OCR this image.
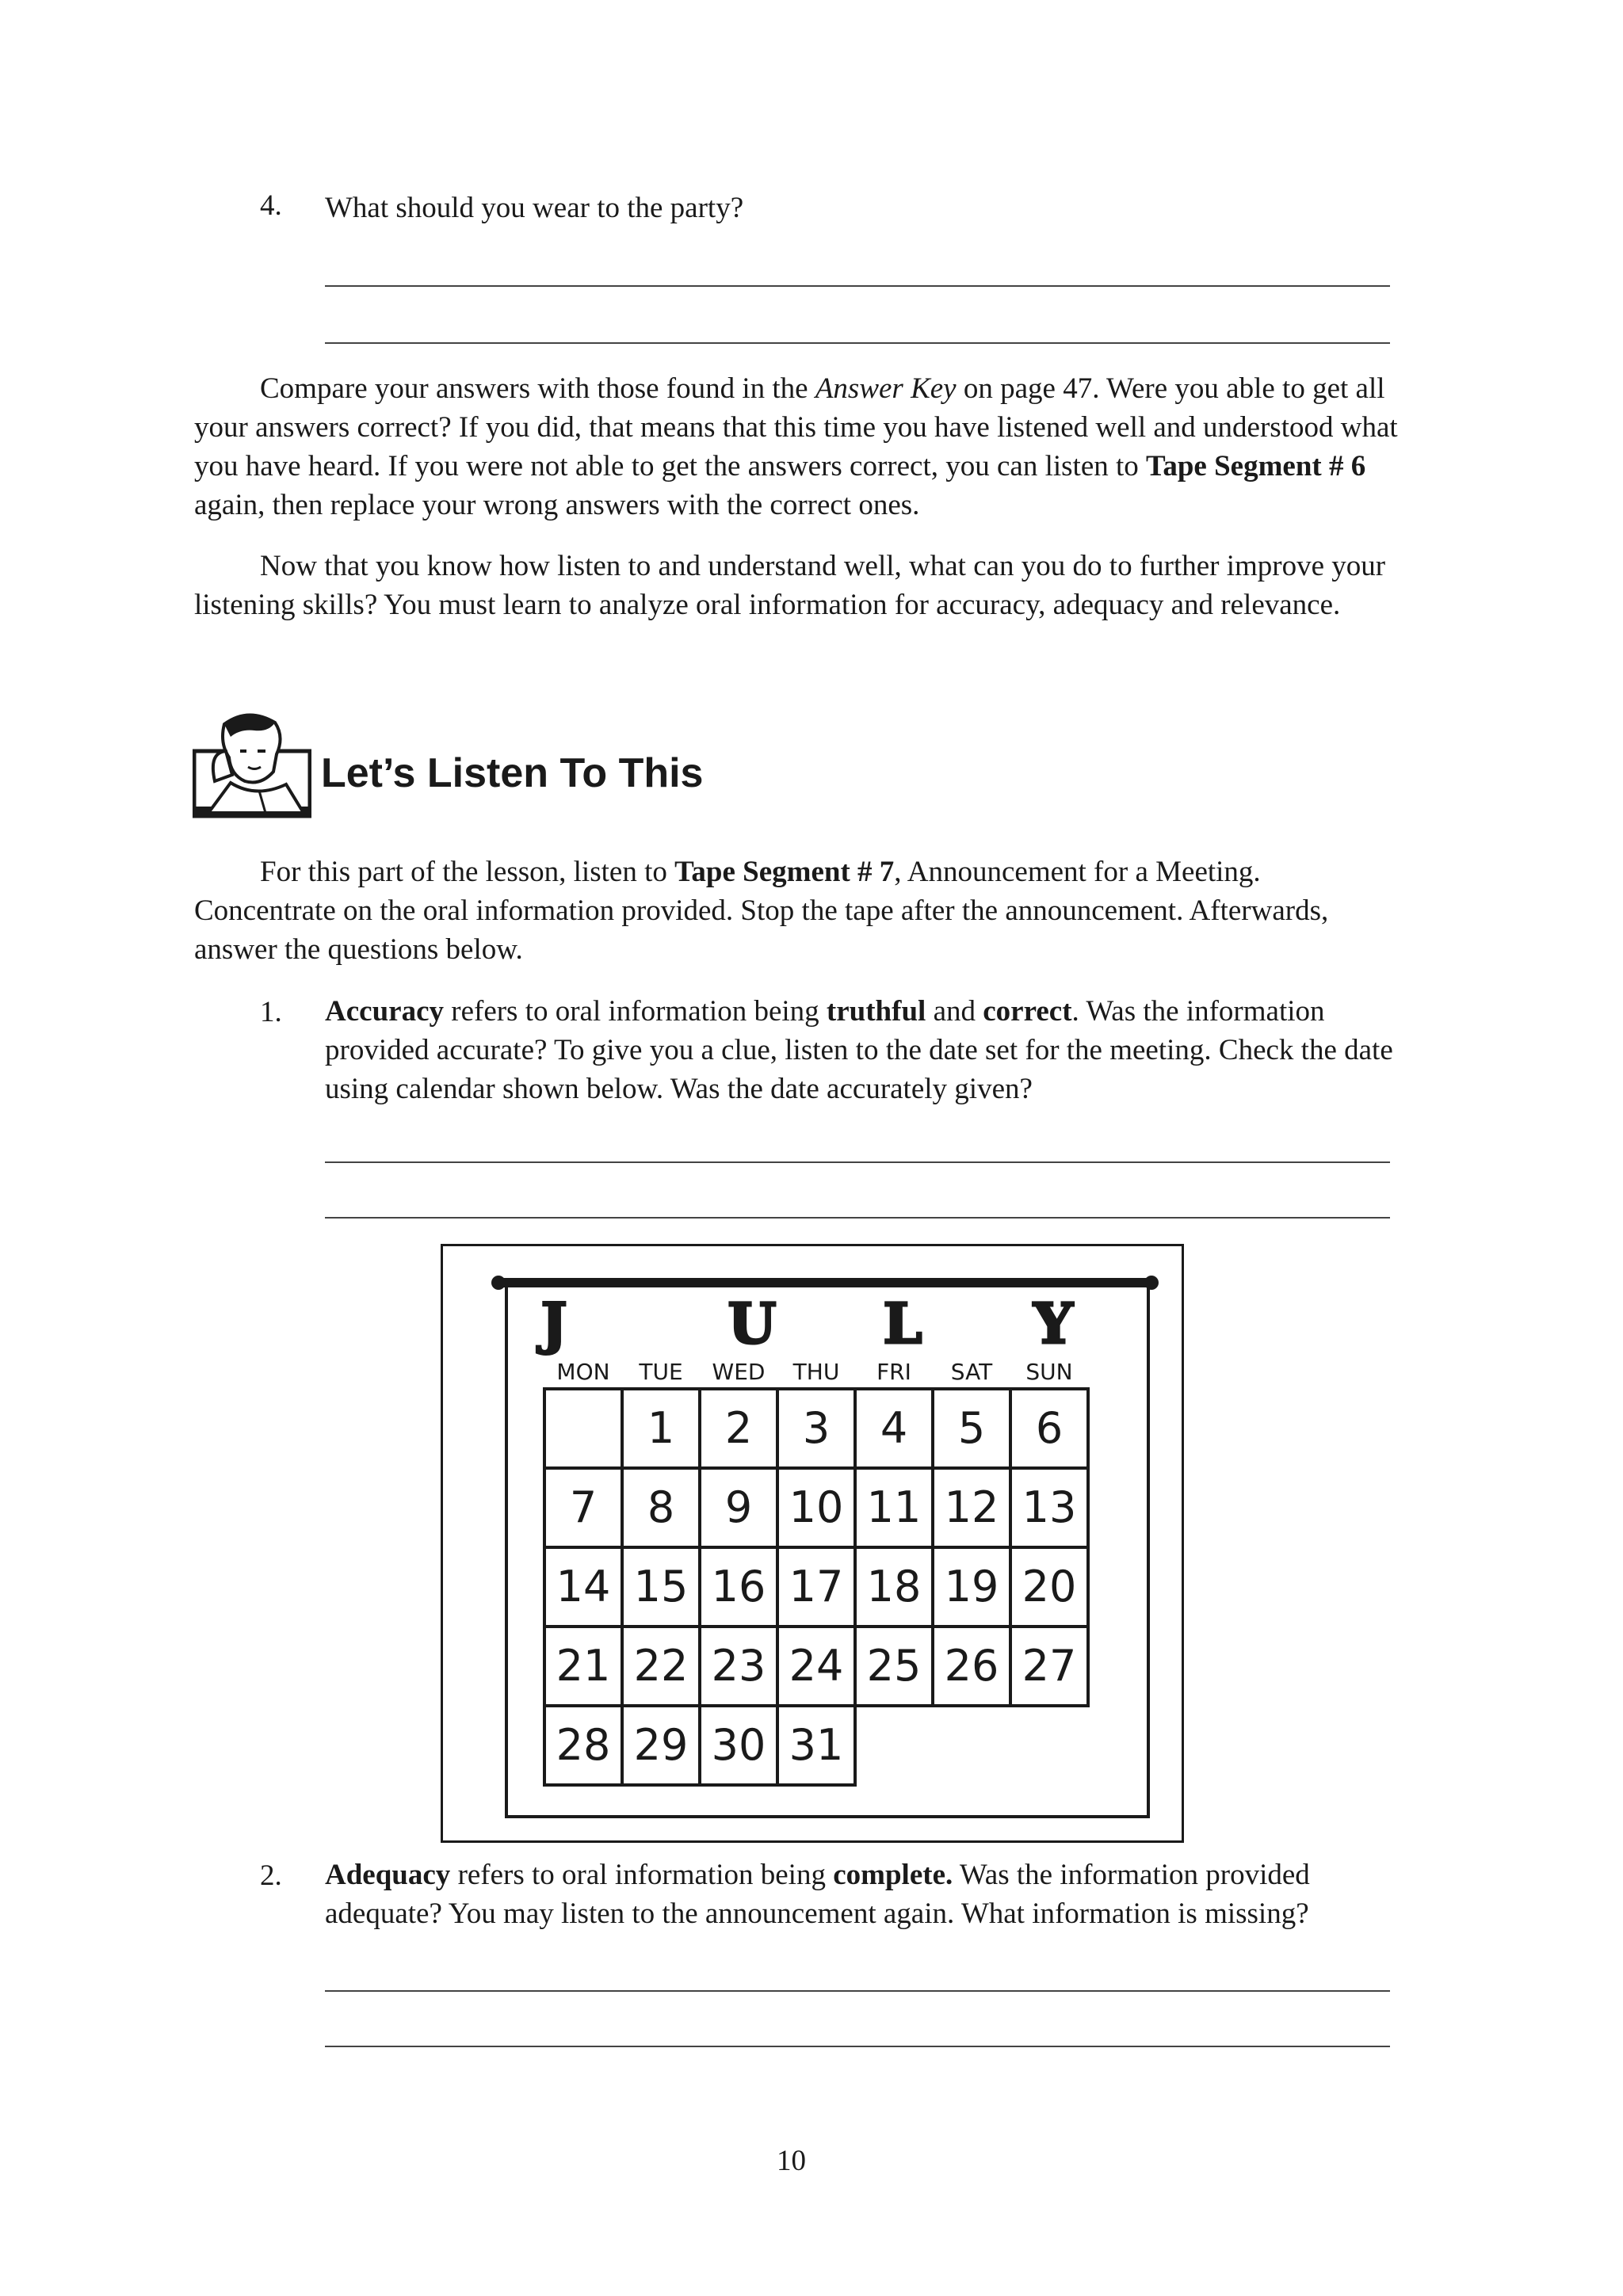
4. What should you wear to the party?
Compare your answers with those found in the Answer Key on page 47. Were you able to get all your answers correct? If you did, that means that this time you have listened well and understood what you have heard. If you were not able to get the answers correct, you can listen to Tape Segment # 6 again, then replace your wrong answers with the correct ones.
Now that you know how listen to and understand well, what can you do to further improve your listening skills? You must learn to analyze oral information for accuracy, adequacy and relevance.
Let’s Listen To This
For this part of the lesson, listen to Tape Segment # 7, Announcement for a Meeting. Concentrate on the oral information provided. Stop the tape after the announcement. Afterwards, answer the questions below.
1. Accuracy refers to oral information being truthful and correct. Was the information provided accurate? To give you a clue, listen to the date set for the meeting. Check the date using calendar shown below. Was the date accurately given?
J	U L Y
MON TUE WED THU FRI SAT SUN
1 2 3 4 5 6
7 8 9 10 11 12 13
14 15 16 17 18 19 20
21 22 23 24 25 26 27
28 29 30 31
2. Adequacy refers to oral information being complete. Was the information provided adequate? You may listen to the announcement again. What information is missing?
10
